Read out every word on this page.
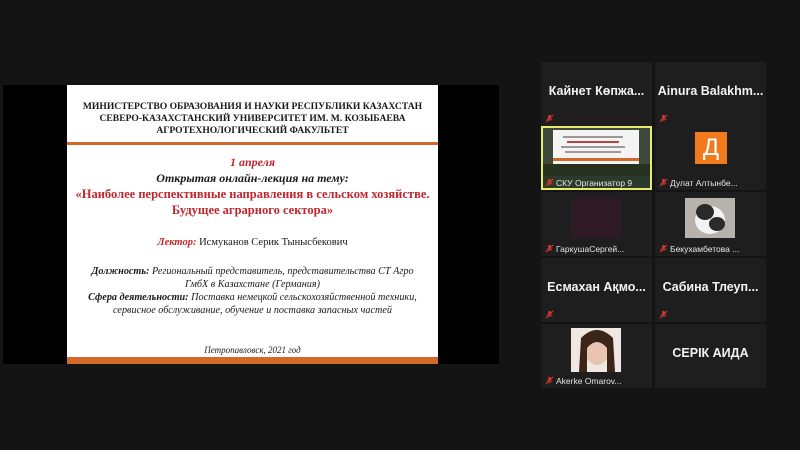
МИНИСТЕРСТВО ОБРАЗОВАНИЯ И НАУКИ РЕСПУБЛИКИ КАЗАХСТАН
СЕВЕРО-КАЗАХСТАНСКИЙ УНИВЕРСИТЕТ ИМ. М. КОЗЫБАЕВА
АГРОТЕХНОЛОГИЧЕСКИЙ ФАКУЛЬТЕТ
1 апреля
Открытая онлайн-лекция на тему:
«Наиболее перспективные направления в сельском хозяйстве.
Будущее аграрного сектора»
Лектор: Исмуканов Серик Тынысбекович
Должность: Региональный представитель, представительства СТ Агро
ГмбХ в Казахстане (Германия)
Сфера деятельности: Поставка немецкой сельскохозяйственной техники,
сервисное обслуживание, обучение и поставка запасных частей
Петропавловск, 2021 год
Кайнет Көпжа...	Ainura Balakhm...
СКУ Организатор 9
Д
Дулат Алтынбе...
ГаркушаСергей...	Бекухамбетова ...
Есмахан Ақмо...	Сабина Тлеуп...
Akerke Omarov...
СЕРІК АИДА
